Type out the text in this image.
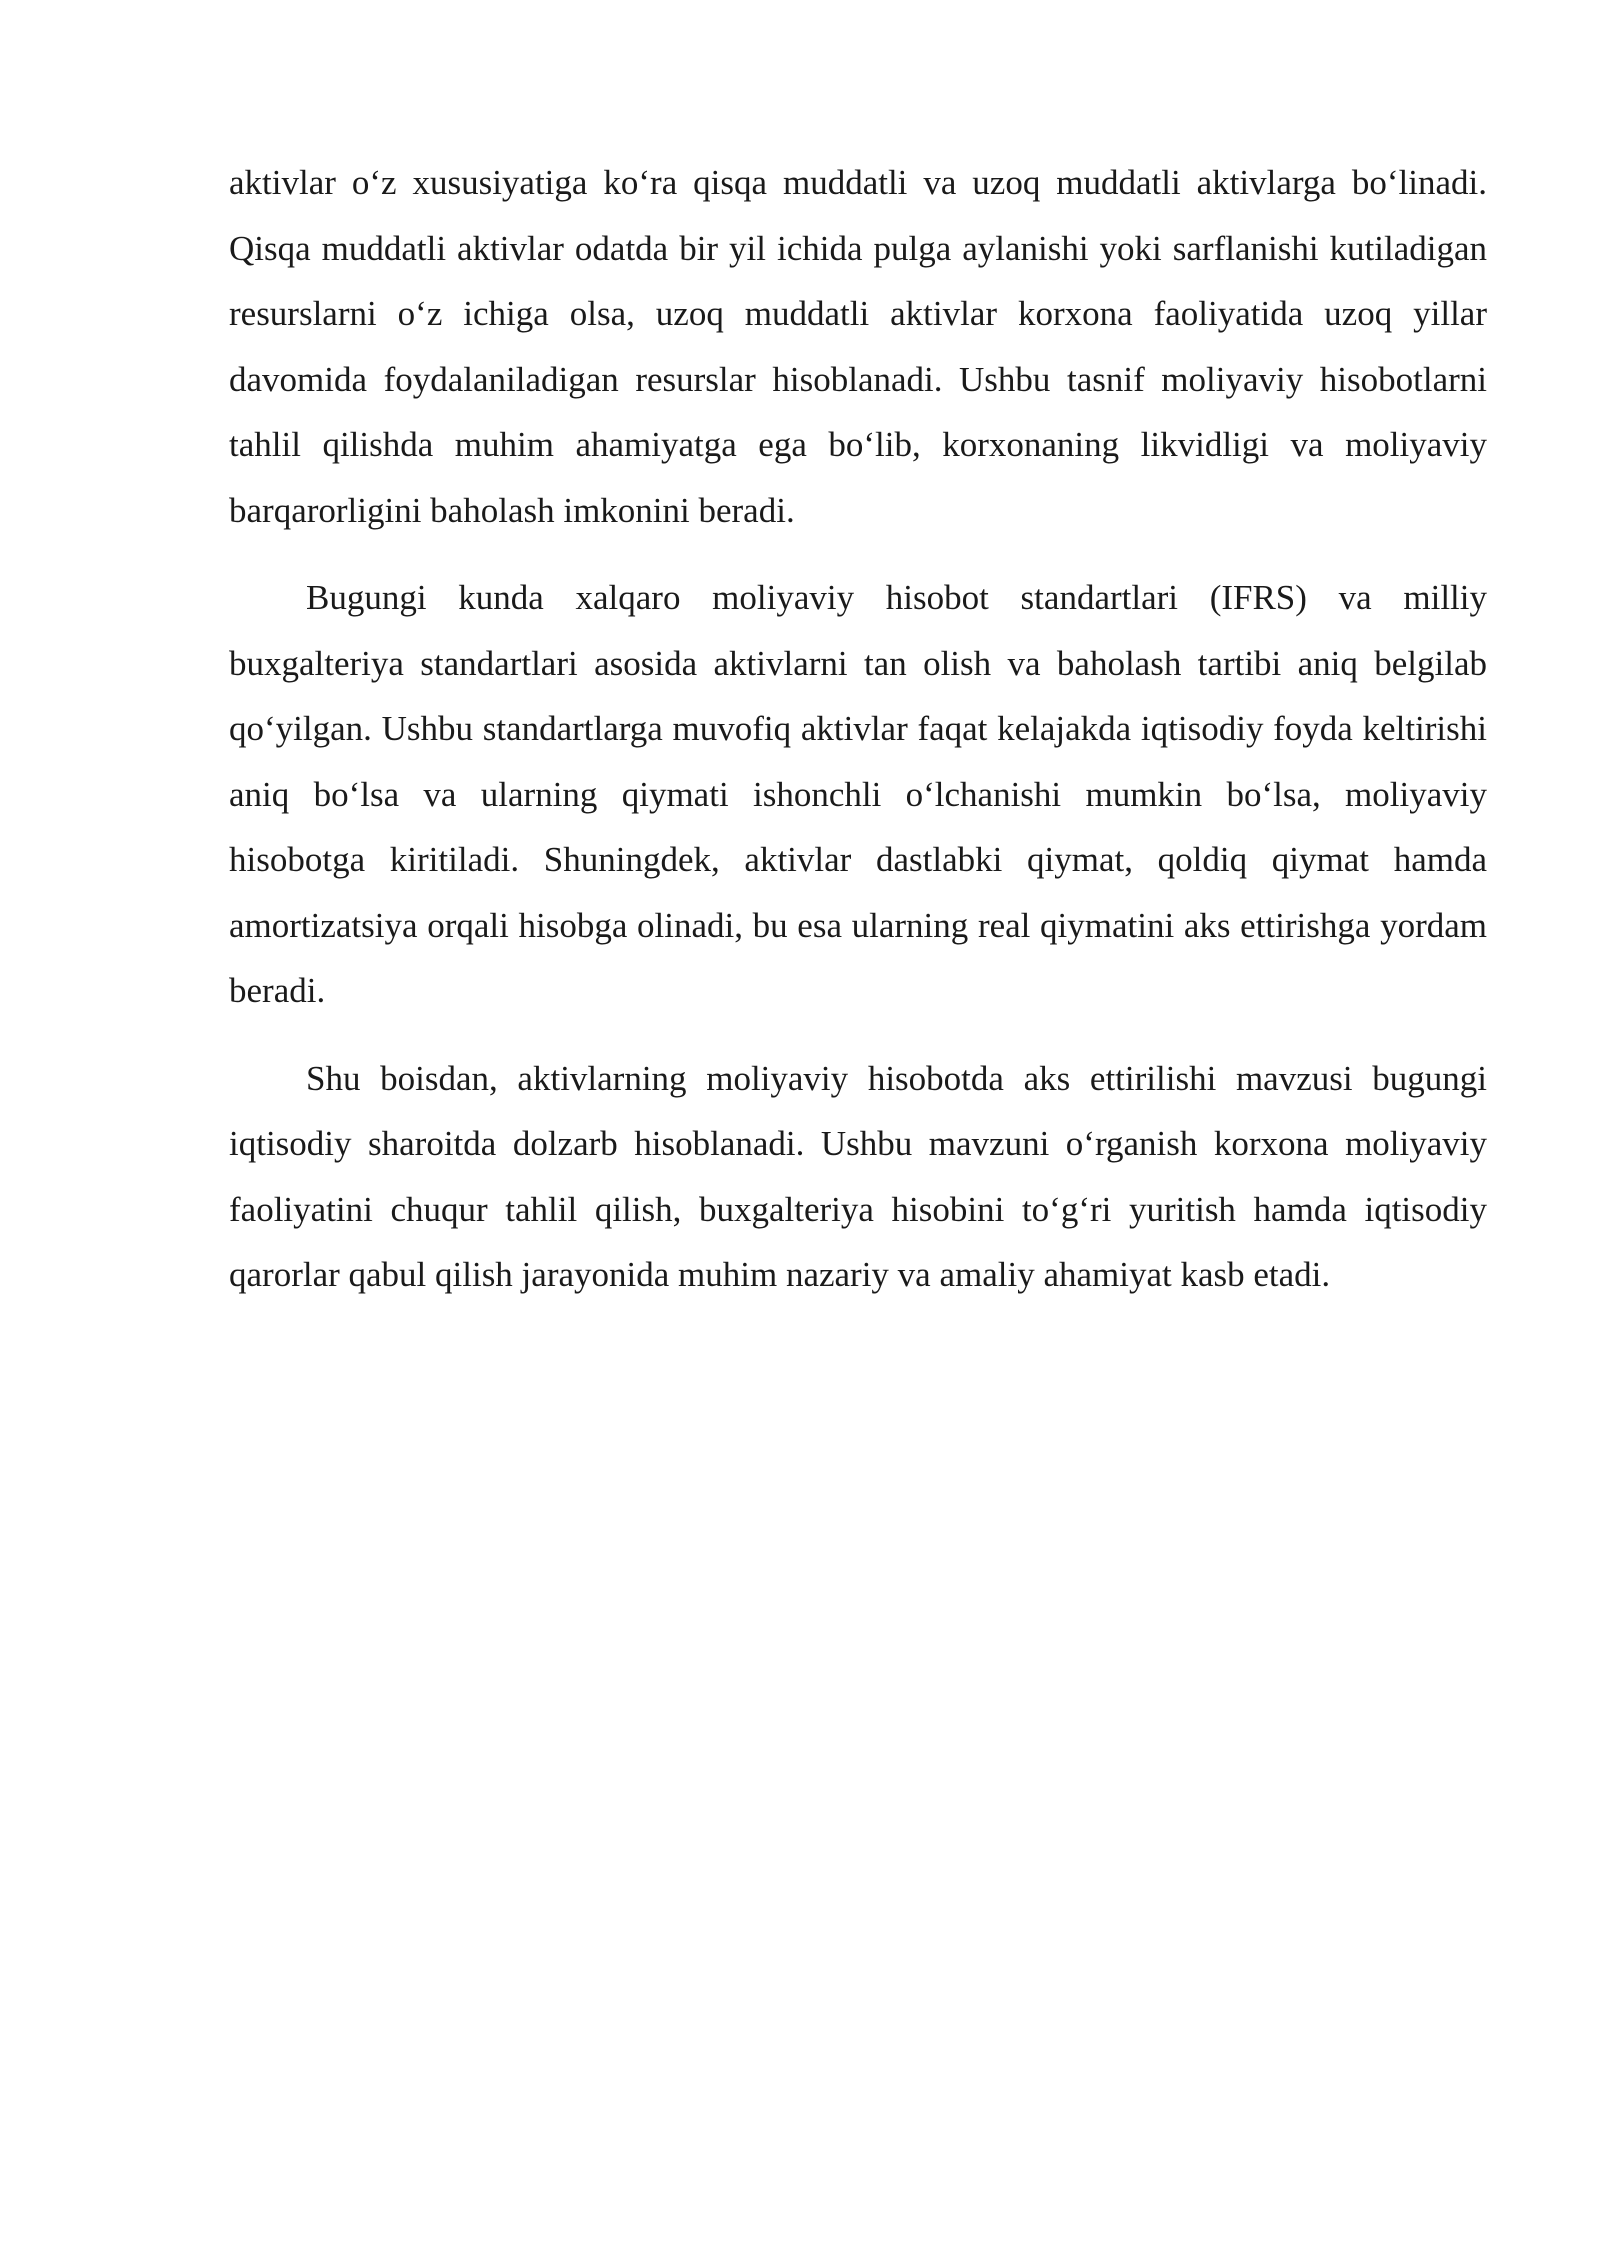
aktivlar o‘z xususiyatiga ko‘ra qisqa muddatli va uzoq muddatli aktivlarga bo‘linadi. Qisqa muddatli aktivlar odatda bir yil ichida pulga aylanishi yoki sarflanishi kutiladigan resurslarni o‘z ichiga olsa, uzoq muddatli aktivlar korxona faoliyatida uzoq yillar davomida foydalaniladigan resurslar hisoblanadi. Ushbu tasnif moliyaviy hisobotlarni tahlil qilishda muhim ahamiyatga ega bo‘lib, korxonaning likvidligi va moliyaviy barqarorligini baholash imkonini beradi.

Bugungi kunda xalqaro moliyaviy hisobot standartlari (IFRS) va milliy buxgalteriya standartlari asosida aktivlarni tan olish va baholash tartibi aniq belgilab qo‘yilgan. Ushbu standartlarga muvofiq aktivlar faqat kelajakda iqtisodiy foyda keltirishi aniq bo‘lsa va ularning qiymati ishonchli o‘lchanishi mumkin bo‘lsa, moliyaviy hisobotga kiritiladi. Shuningdek, aktivlar dastlabki qiymat, qoldiq qiymat hamda amortizatsiya orqali hisobga olinadi, bu esa ularning real qiymatini aks ettirishga yordam beradi.

Shu boisdan, aktivlarning moliyaviy hisobotda aks ettirilishi mavzusi bugungi iqtisodiy sharoitda dolzarb hisoblanadi. Ushbu mavzuni o‘rganish korxona moliyaviy faoliyatini chuqur tahlil qilish, buxgalteriya hisobini to‘g‘ri yuritish hamda iqtisodiy qarorlar qabul qilish jarayonida muhim nazariy va amaliy ahamiyat kasb etadi.
